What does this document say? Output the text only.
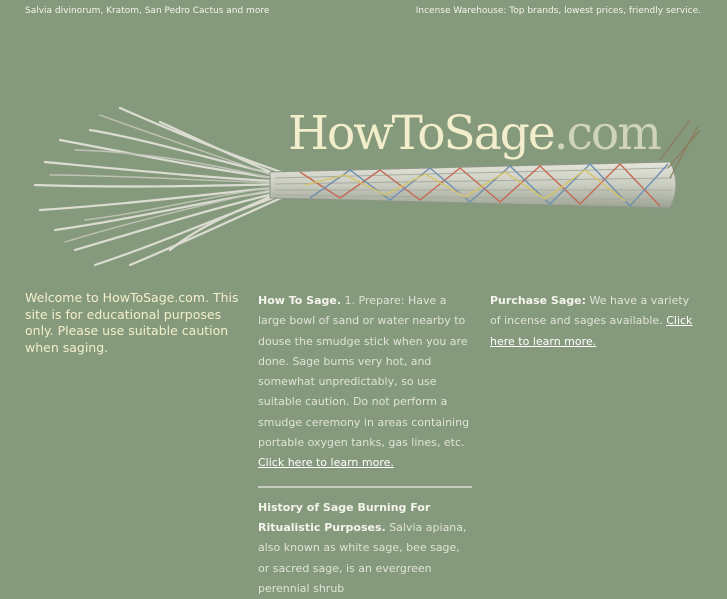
Salvia divinorum, Kratom, San Pedro Cactus and more	Incense Warehouse: Top brands, lowest prices, friendly service.
HowToSage.com

Welcome to HowToSage.com. This site is for educational purposes only. Please use suitable caution when saging.

How To Sage. 1. Prepare: Have a large bowl of sand or water nearby to douse the smudge stick when you are done. Sage burns very hot, and somewhat unpredictably, so use suitable caution. Do not perform a smudge ceremony in areas containing portable oxygen tanks, gas lines, etc. Click here to learn more.

History of Sage Burning For Ritualistic Purposes. Salvia apiana, also known as white sage, bee sage, or sacred sage, is an evergreen perennial shrub

Purchase Sage: We have a variety of incense and sages available. Click here to learn more.
